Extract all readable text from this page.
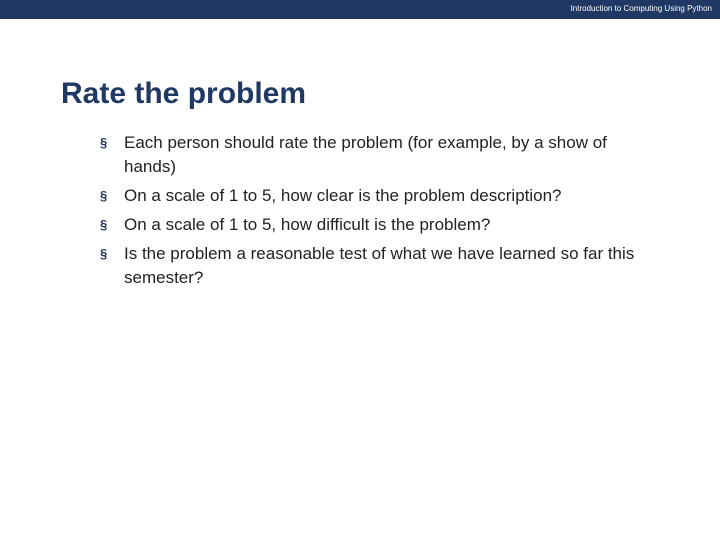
Introduction to Computing Using Python
Rate the problem
§ Each person should rate the problem (for example, by a show of hands)
§ On a scale of 1 to 5, how clear is the problem description?
§ On a scale of 1 to 5, how difficult is the problem?
§ Is the problem a reasonable test of what we have learned so far this semester?
